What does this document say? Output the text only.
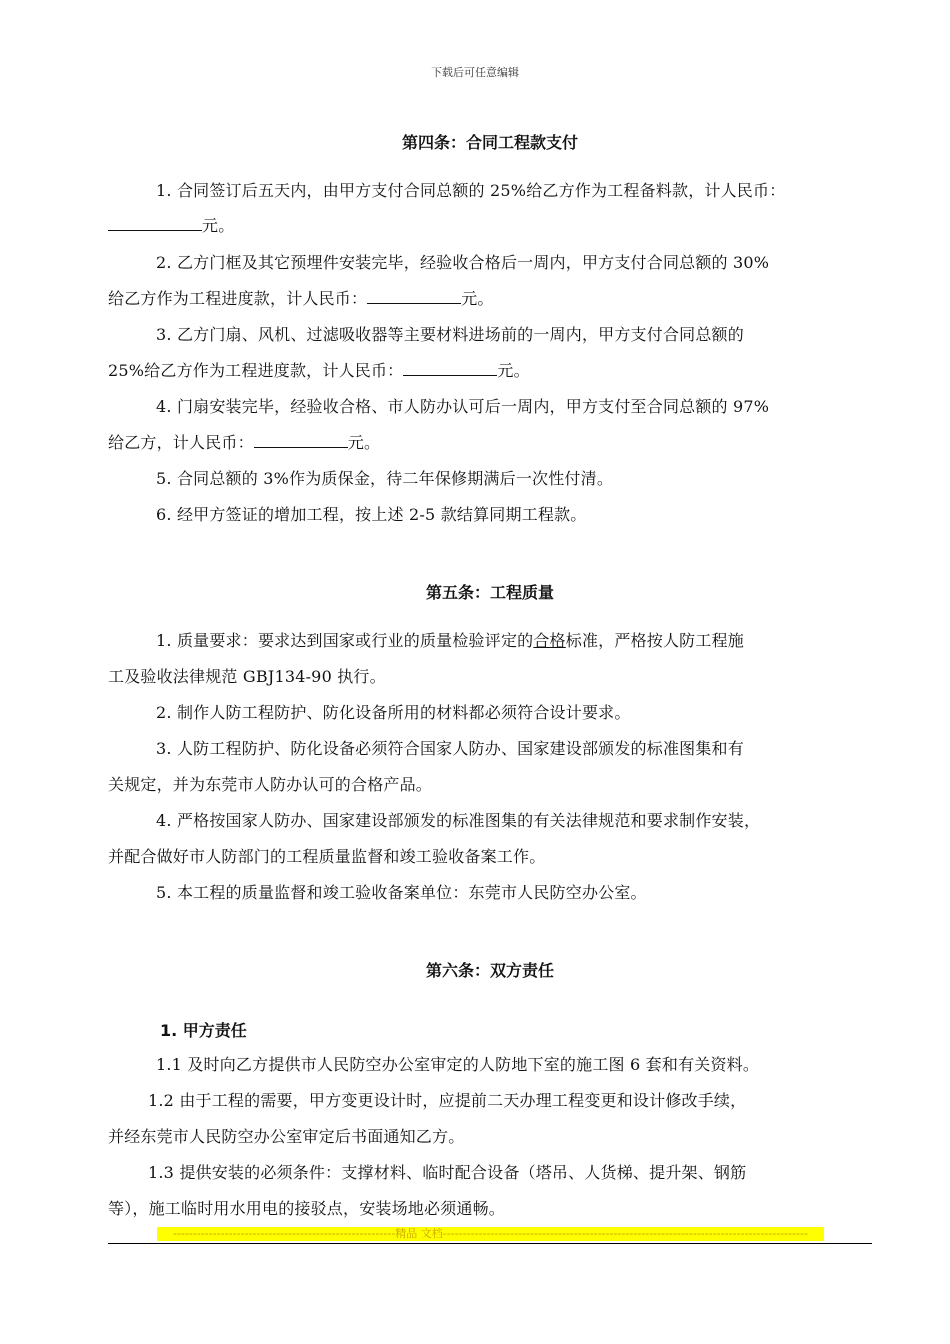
下载后可任意编辑
第四条：合同工程款支付
1. 合同签订后五天内，由甲方支付合同总额的 25%给乙方作为工程备料款，计人民币：
元。
2. 乙方门框及其它预埋件安装完毕，经验收合格后一周内，甲方支付合同总额的 30%
给乙方作为工程进度款，计人民币：	元。
3. 乙方门扇、风机、过滤吸收器等主要材料进场前的一周内，甲方支付合同总额的
25%给乙方作为工程进度款，计人民币：	元。
4. 门扇安装完毕，经验收合格、市人防办认可后一周内，甲方支付至合同总额的 97%
给乙方，计人民币：	元。
5. 合同总额的 3%作为质保金，待二年保修期满后一次性付清。
6. 经甲方签证的增加工程，按上述 2-5 款结算同期工程款。
第五条：工程质量
1. 质量要求：要求达到国家或行业的质量检验评定的合格标准，严格按人防工程施
工及验收法律规范 GBJ134-90 执行。
2. 制作人防工程防护、防化设备所用的材料都必须符合设计要求。
3. 人防工程防护、防化设备必须符合国家人防办、国家建设部颁发的标准图集和有
关规定，并为东莞市人防办认可的合格产品。
4. 严格按国家人防办、国家建设部颁发的标准图集的有关法律规范和要求制作安装，
并配合做好市人防部门的工程质量监督和竣工验收备案工作。
5. 本工程的质量监督和竣工验收备案单位：东莞市人民防空办公室。
第六条：双方责任
1. 甲方责任
1.1 及时向乙方提供市人民防空办公室审定的人防地下室的施工图 6 套和有关资料。
1.2 由于工程的需要，甲方变更设计时，应提前二天办理工程变更和设计修改手续，
并经东莞市人民防空办公室审定后书面通知乙方。
1.3 提供安装的必须条件：支撑材料、临时配合设备（塔吊、人货梯、提升架、钢筋
等），施工临时用水用电的接驳点，安装场地必须通畅。
--------------------------------------------------------精品 文档--------------------------------------------------------------------------------------------
